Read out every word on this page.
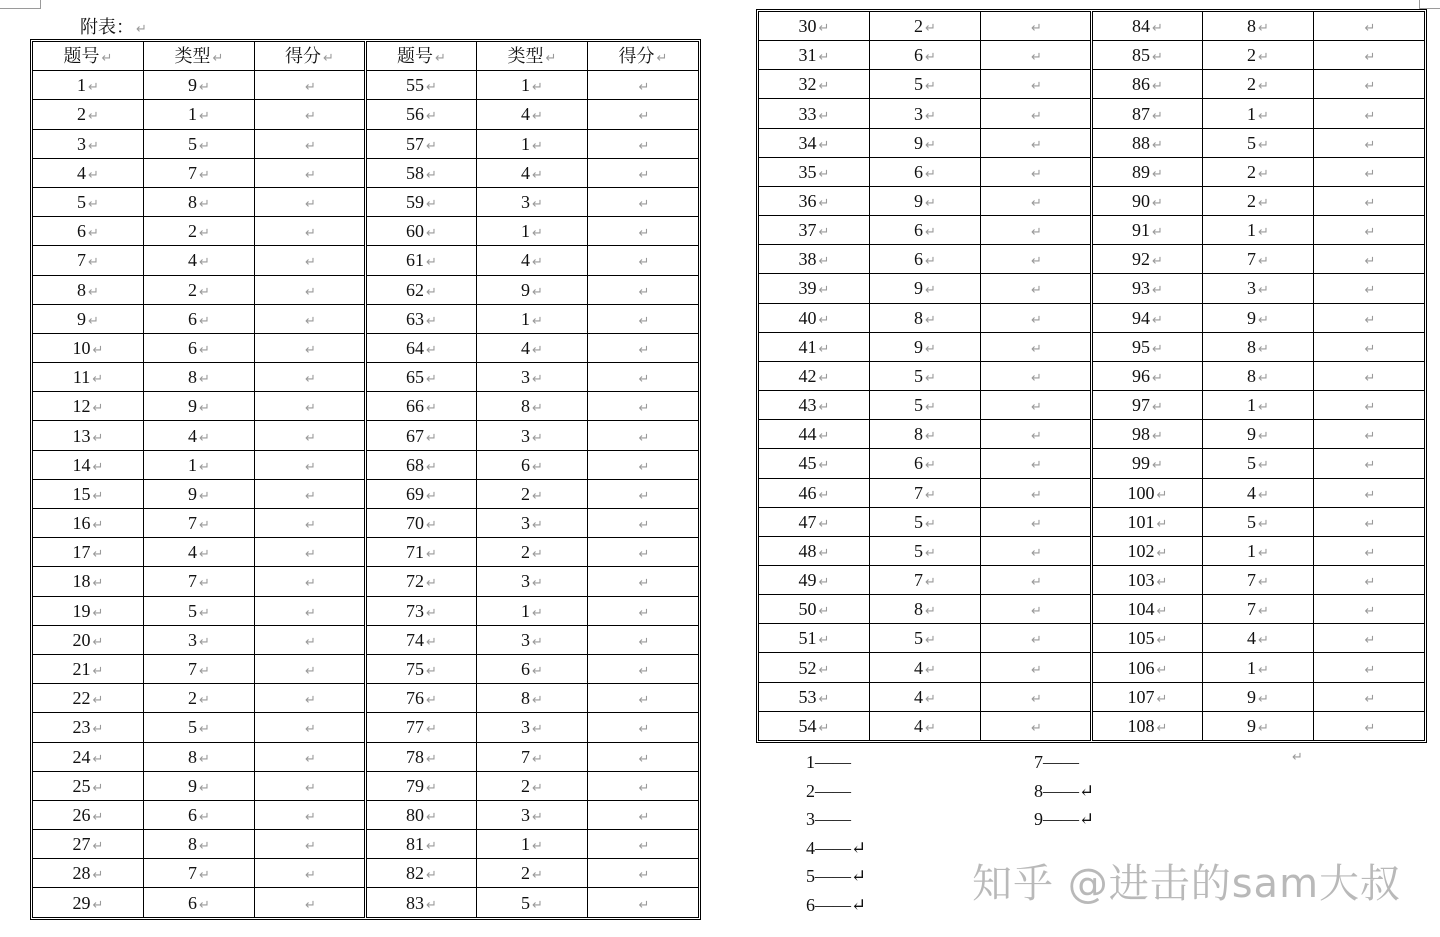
附表： ↵
题号 ↵	类型 ↵	得分 ↵	题号 ↵	类型 ↵	得分 ↵
1 ↵	9 ↵	↵	55 ↵	1 ↵	↵
2 ↵	1 ↵	↵	56 ↵	4 ↵	↵
3 ↵	5 ↵	↵	57 ↵	1 ↵	↵
4 ↵	7 ↵	↵	58 ↵	4 ↵	↵
5 ↵	8 ↵	↵	59 ↵	3 ↵	↵
6 ↵	2 ↵	↵	60 ↵	1 ↵	↵
7 ↵	4 ↵	↵	61 ↵	4 ↵	↵
8 ↵	2 ↵	↵	62 ↵	9 ↵	↵
9 ↵	6 ↵	↵	63 ↵	1 ↵	↵
10 ↵	6 ↵	↵	64 ↵	4 ↵	↵
11 ↵	8 ↵	↵	65 ↵	3 ↵	↵
12 ↵	9 ↵	↵	66 ↵	8 ↵	↵
13 ↵	4 ↵	↵	67 ↵	3 ↵	↵
14 ↵	1 ↵	↵	68 ↵	6 ↵	↵
15 ↵	9 ↵	↵	69 ↵	2 ↵	↵
16 ↵	7 ↵	↵	70 ↵	3 ↵	↵
17 ↵	4 ↵	↵	71 ↵	2 ↵	↵
18 ↵	7 ↵	↵	72 ↵	3 ↵	↵
19 ↵	5 ↵	↵	73 ↵	1 ↵	↵
20 ↵	3 ↵	↵	74 ↵	3 ↵	↵
21 ↵	7 ↵	↵	75 ↵	6 ↵	↵
22 ↵	2 ↵	↵	76 ↵	8 ↵	↵
23 ↵	5 ↵	↵	77 ↵	3 ↵	↵
24 ↵	8 ↵	↵	78 ↵	7 ↵	↵
25 ↵	9 ↵	↵	79 ↵	2 ↵	↵
26 ↵	6 ↵	↵	80 ↵	3 ↵	↵
27 ↵	8 ↵	↵	81 ↵	1 ↵	↵
28 ↵	7 ↵	↵	82 ↵	2 ↵	↵
29 ↵	6 ↵	↵	83 ↵	5 ↵	↵
30 ↵	2 ↵	↵	84 ↵	8 ↵	↵
31 ↵	6 ↵	↵	85 ↵	2 ↵	↵
32 ↵	5 ↵	↵	86 ↵	2 ↵	↵
33 ↵	3 ↵	↵	87 ↵	1 ↵	↵
34 ↵	9 ↵	↵	88 ↵	5 ↵	↵
35 ↵	6 ↵	↵	89 ↵	2 ↵	↵
36 ↵	9 ↵	↵	90 ↵	2 ↵	↵
37 ↵	6 ↵	↵	91 ↵	1 ↵	↵
38 ↵	6 ↵	↵	92 ↵	7 ↵	↵
39 ↵	9 ↵	↵	93 ↵	3 ↵	↵
40 ↵	8 ↵	↵	94 ↵	9 ↵	↵
41 ↵	9 ↵	↵	95 ↵	8 ↵	↵
42 ↵	5 ↵	↵	96 ↵	8 ↵	↵
43 ↵	5 ↵	↵	97 ↵	1 ↵	↵
44 ↵	8 ↵	↵	98 ↵	9 ↵	↵
45 ↵	6 ↵	↵	99 ↵	5 ↵	↵
46 ↵	7 ↵	↵	100 ↵	4 ↵	↵
47 ↵	5 ↵	↵	101 ↵	5 ↵	↵
48 ↵	5 ↵	↵	102 ↵	1 ↵	↵
49 ↵	7 ↵	↵	103 ↵	7 ↵	↵
50 ↵	8 ↵	↵	104 ↵	7 ↵	↵
51 ↵	5 ↵	↵	105 ↵	4 ↵	↵
52 ↵	4 ↵	↵	106 ↵	1 ↵	↵
53 ↵	4 ↵	↵	107 ↵	9 ↵	↵
54 ↵	4 ↵	↵	108 ↵	9 ↵	↵
1——
2——
3——
4——↵
5——↵
6——↵
7——
8——↵
9——↵
↵
知乎 @进击的sam大叔
